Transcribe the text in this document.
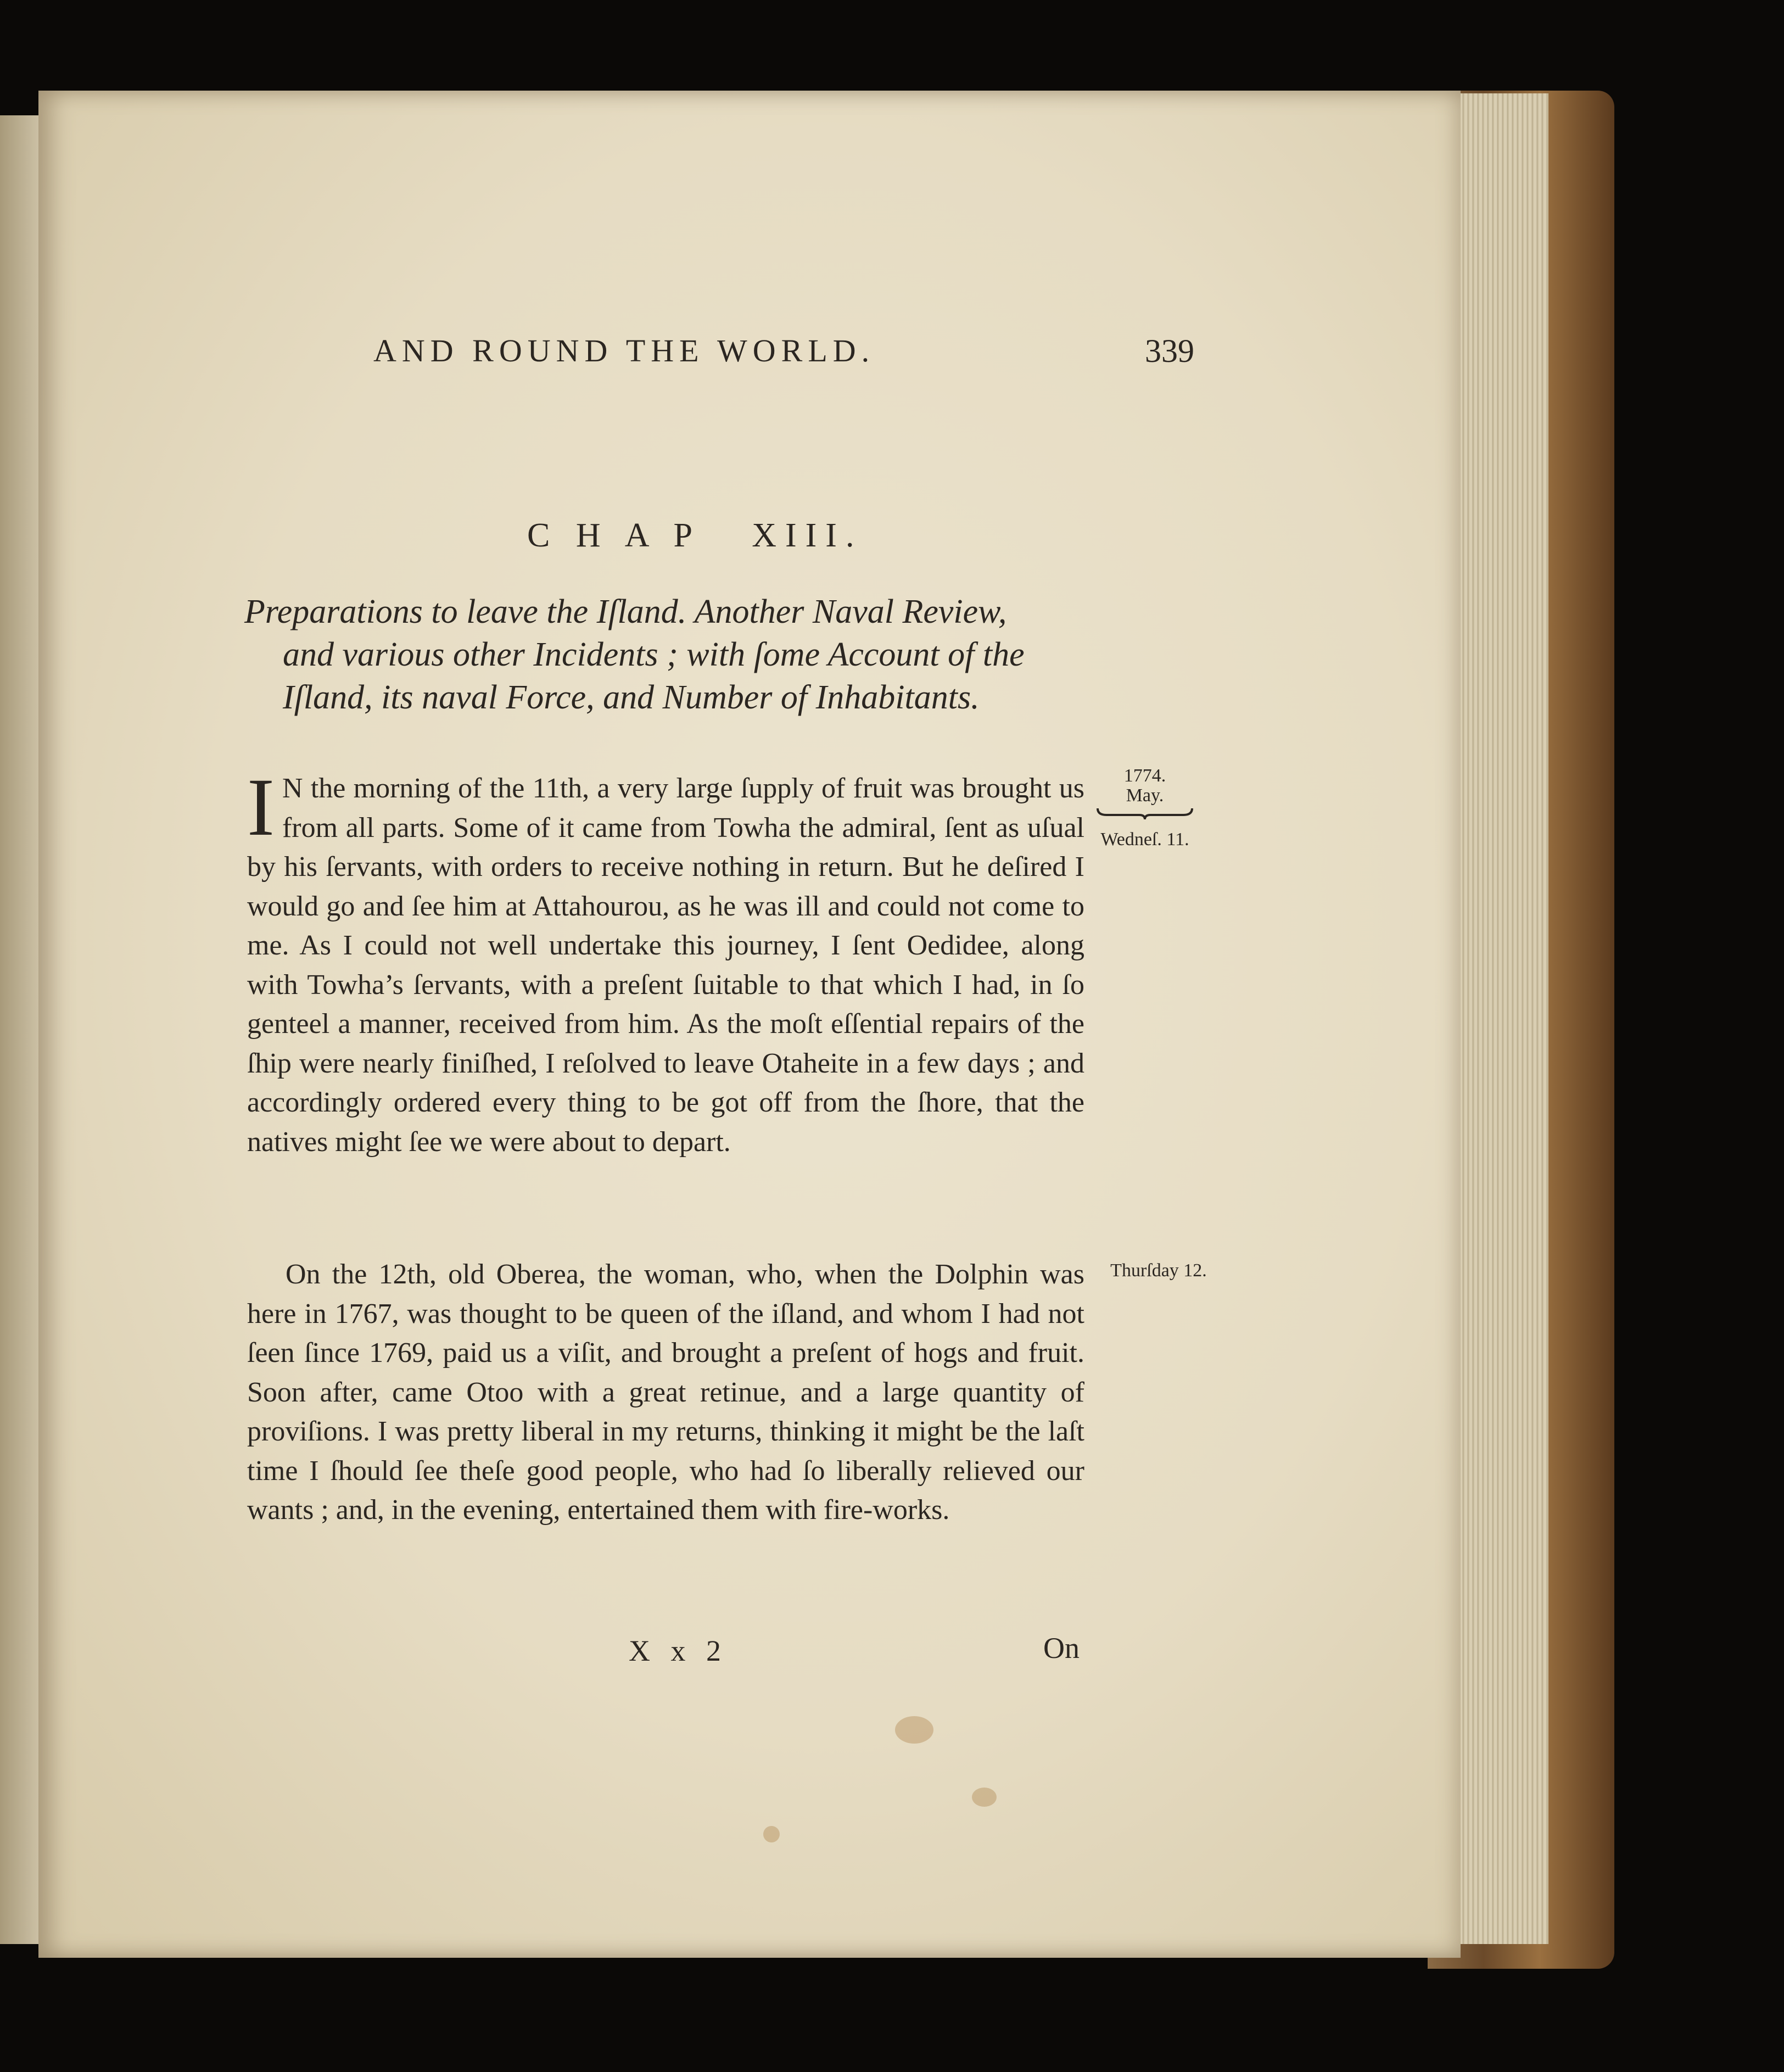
AND ROUND THE WORLD.	339
C H A P   XIII.
Preparations to leave the Iſland. Another Naval Review,
and various other Incidents ; with ſome Account of the
Iſland, its naval Force, and Number of Inhabitants.
I N the morning of the 11th, a very large ſupply of fruit was brought us from all parts. Some of it came from Towha the admiral, ſent as uſual by his ſervants, with orders to receive nothing in return. But he deſired I would go and ſee him at Attahourou, as he was ill and could not come to me. As I could not well undertake this journey, I ſent Oedidee, along with Towha’s ſervants, with a preſent ſuitable to that which I had, in ſo genteel a manner, received from him. As the moſt eſſential repairs of the ſhip were nearly finiſhed, I reſolved to leave Otaheite in a few days ; and accordingly ordered every thing to be got off from the ſhore, that the natives might ſee we were about to depart.
On the 12th, old Oberea, the woman, who, when the Dolphin was here in 1767, was thought to be queen of the iſland, and whom I had not ſeen ſince 1769, paid us a viſit, and brought a preſent of hogs and fruit. Soon after, came Otoo with a great retinue, and a large quantity of proviſions. I was pretty liberal in my returns, thinking it might be the laſt time I ſhould ſee theſe good people, who had ſo liberally relieved our wants ; and, in the evening, entertained them with fire-works.
1774.
May.
Wedneſ. 11.
Thurſday 12.
X x 2	On
